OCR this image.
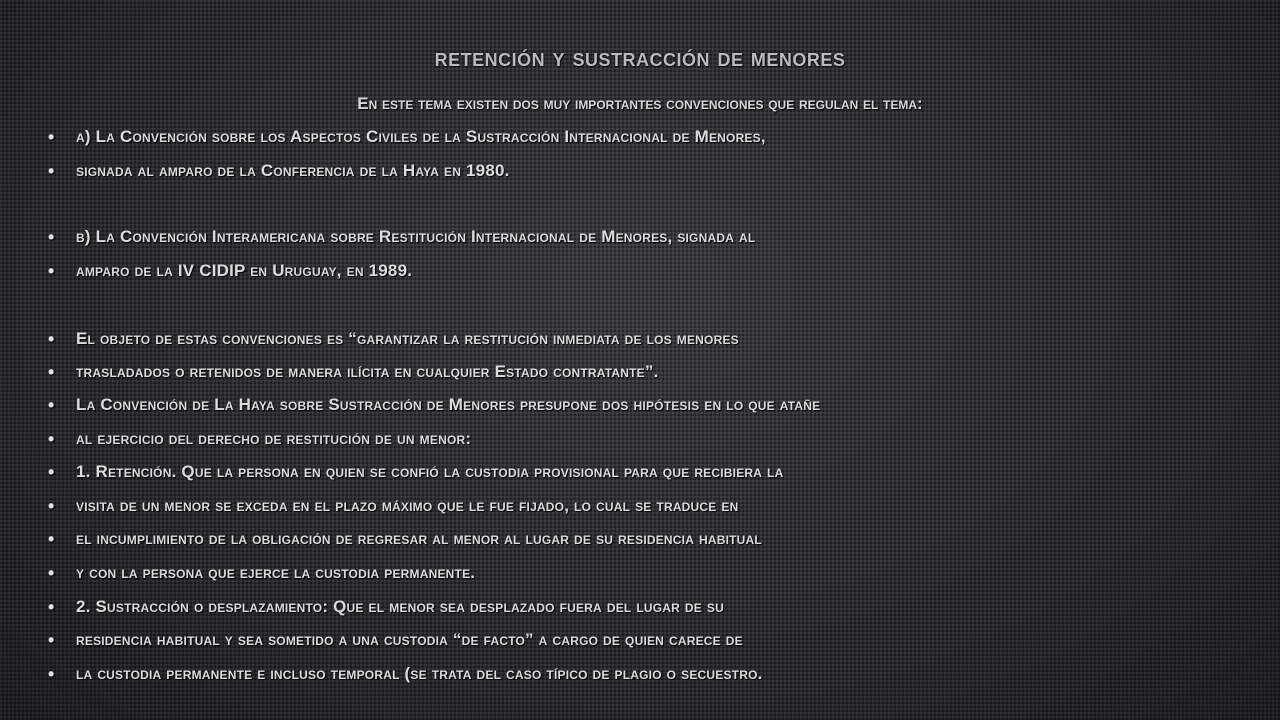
retención y sustracción de menores
En este tema existen dos muy importantes convenciones que regulan el tema:
•	a) La Convención sobre los Aspectos Civiles de la Sustracción Internacional de Menores,
•	signada al amparo de la Conferencia de la Haya en 1980.
•	b) La Convención Interamericana sobre Restitución Internacional de Menores, signada al
•	amparo de la IV CIDIP en Uruguay, en 1989.
•	El objeto de estas convenciones es “garantizar la restitución inmediata de los menores
•	trasladados o retenidos de manera ilícita en cualquier Estado contratante”.
•	La Convención de La Haya sobre Sustracción de Menores presupone dos hipótesis en lo que atañe
•	al ejercicio del derecho de restitución de un menor:
•	1. Retención. Que la persona en quien se confió la custodia provisional para que recibiera la
•	visita de un menor se exceda en el plazo máximo que le fue fijado, lo cual se traduce en
•	el incumplimiento de la obligación de regresar al menor al lugar de su residencia habitual
•	y con la persona que ejerce la custodia permanente.
•	2. Sustracción o desplazamiento: Que el menor sea desplazado fuera del lugar de su
•	residencia habitual y sea sometido a una custodia “de facto” a cargo de quien carece de
•	la custodia permanente e incluso temporal (se trata del caso típico de plagio o secuestro.
